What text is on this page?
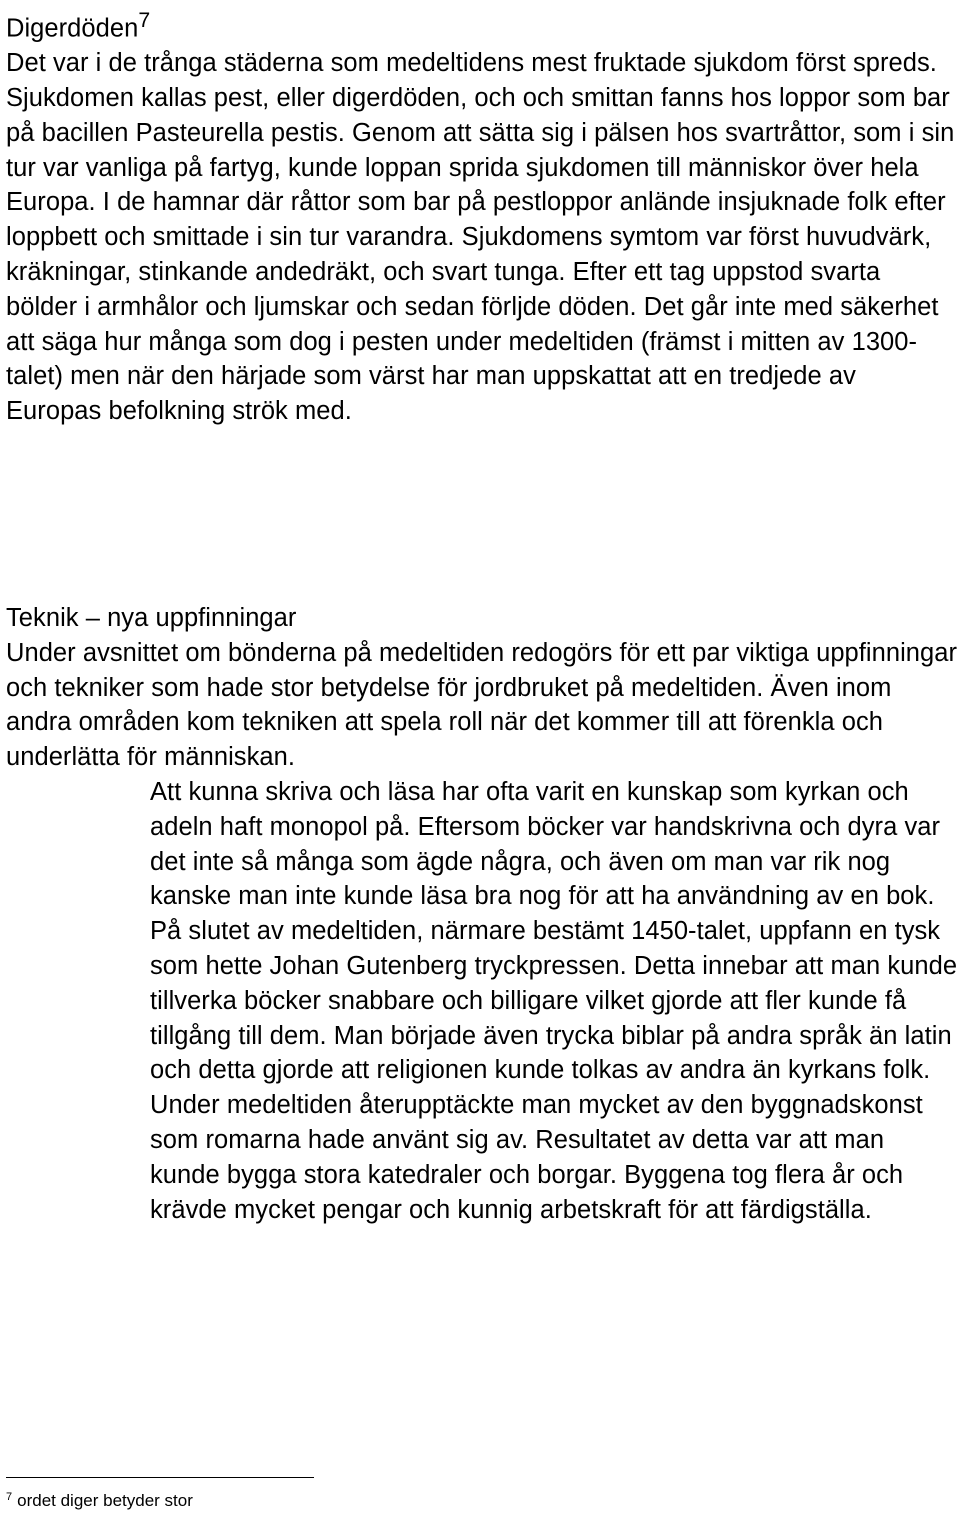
Digerdöden$^7$

Det var i de trånga städerna som medeltidens mest fruktade sjukdom först spreds. Sjukdomen kallas pest, eller digerdöden, och och smittan fanns hos loppor som bar på bacillen Pasteurella pestis. Genom att sätta sig i pälsen hos svartråttor, som i sin tur var vanliga på fartyg, kunde loppan sprida sjukdomen till människor över hela Europa. I de hamnar där råttor som bar på pestloppor anlände insjuknade folk efter loppbett och smittade i sin tur varandra. Sjukdomens symtom var först huvudvärk, kräkningar, stinkande andedräkt, och svart tunga. Efter ett tag uppstod svarta bölder i armhålor och ljumskar och sedan förljde döden. Det går inte med säkerhet att säga hur många som dog i pesten under medeltiden (främst i mitten av 1300-talet) men när den härjade som värst har man uppskattat att en tredjede av Europas befolkning strök med.

Teknik – nya uppfinningar

Under avsnittet om bönderna på medeltiden redogörs för ett par viktiga uppfinningar och tekniker som hade stor betydelse för jordbruket på medeltiden. Även inom andra områden kom tekniken att spela roll när det kommer till att förenkla och underlätta för människan.

Att kunna skriva och läsa har ofta varit en kunskap som kyrkan och adeln haft monopol på. Eftersom böcker var handskrivna och dyra var det inte så många som ägde några, och även om man var rik nog kanske man inte kunde läsa bra nog för att ha användning av en bok. På slutet av medeltiden, närmare bestämt 1450-talet, uppfann en tysk som hette Johan Gutenberg tryckpressen. Detta innebar att man kunde tillverka böcker snabbare och billigare vilket gjorde att fler kunde få tillgång till dem. Man började även trycka biblar på andra språk än latin och detta gjorde att religionen kunde tolkas av andra än kyrkans folk.

Under medeltiden återupptäckte man mycket av den byggnadskonst som romarna hade använt sig av. Resultatet av detta var att man kunde bygga stora katedraler och borgar. Byggena tog flera år och krävde mycket pengar och kunnig arbetskraft för att färdigställa.

$^7$ ordet diger betyder stor
